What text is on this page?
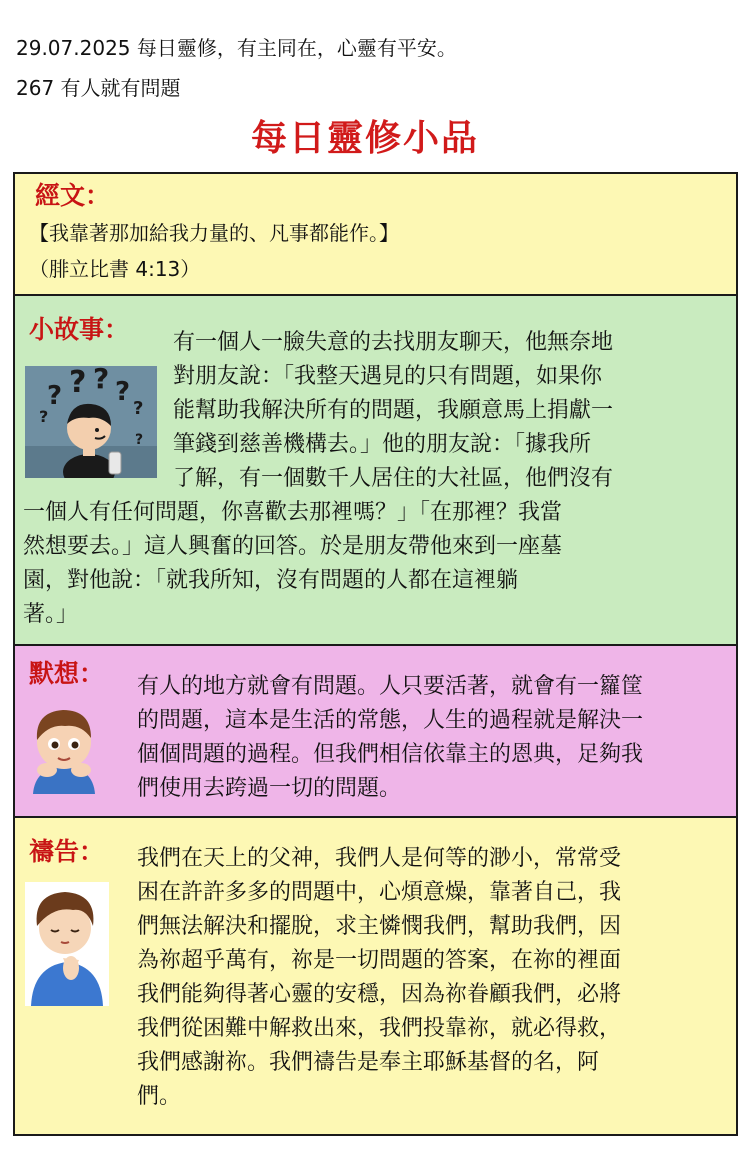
29.07.2025 每日靈修，有主同在，心靈有平安。
267 有人就有問題
每日靈修小品
經文：
【我靠著那加給我力量的、凡事都能作。】
（腓立比書 4:13）
小故事：
? ? ? ?
?
?
?
有一個人一臉失意的去找朋友聊天，他無奈地
對朋友說：「我整天遇見的只有問題，如果你
能幫助我解決所有的問題，我願意馬上捐獻一
筆錢到慈善機構去。」他的朋友說：「據我所
了解，有一個數千人居住的大社區，他們沒有
一個人有任何問題，你喜歡去那裡嗎？」「在那裡？我當
然想要去。」這人興奮的回答。於是朋友帶他來到一座墓
園，對他說：「就我所知，沒有問題的人都在這裡躺
著。」
默想： 有人的地方就會有問題。人只要活著，就會有一籮筐
的問題，這本是生活的常態，人生的過程就是解決一
個個問題的過程。但我們相信依靠主的恩典，足夠我
們使用去跨過一切的問題。
禱告： 我們在天上的父神，我們人是何等的渺小，常常受
困在許許多多的問題中，心煩意燥，靠著自己，我
們無法解決和擺脫，求主憐憫我們，幫助我們，因
為祢超乎萬有，祢是一切問題的答案，在祢的裡面
我們能夠得著心靈的安穩，因為祢眷顧我們，必將
我們從困難中解救出來，我們投靠祢，就必得救，
我們感謝祢。我們禱告是奉主耶穌基督的名，阿
們。
